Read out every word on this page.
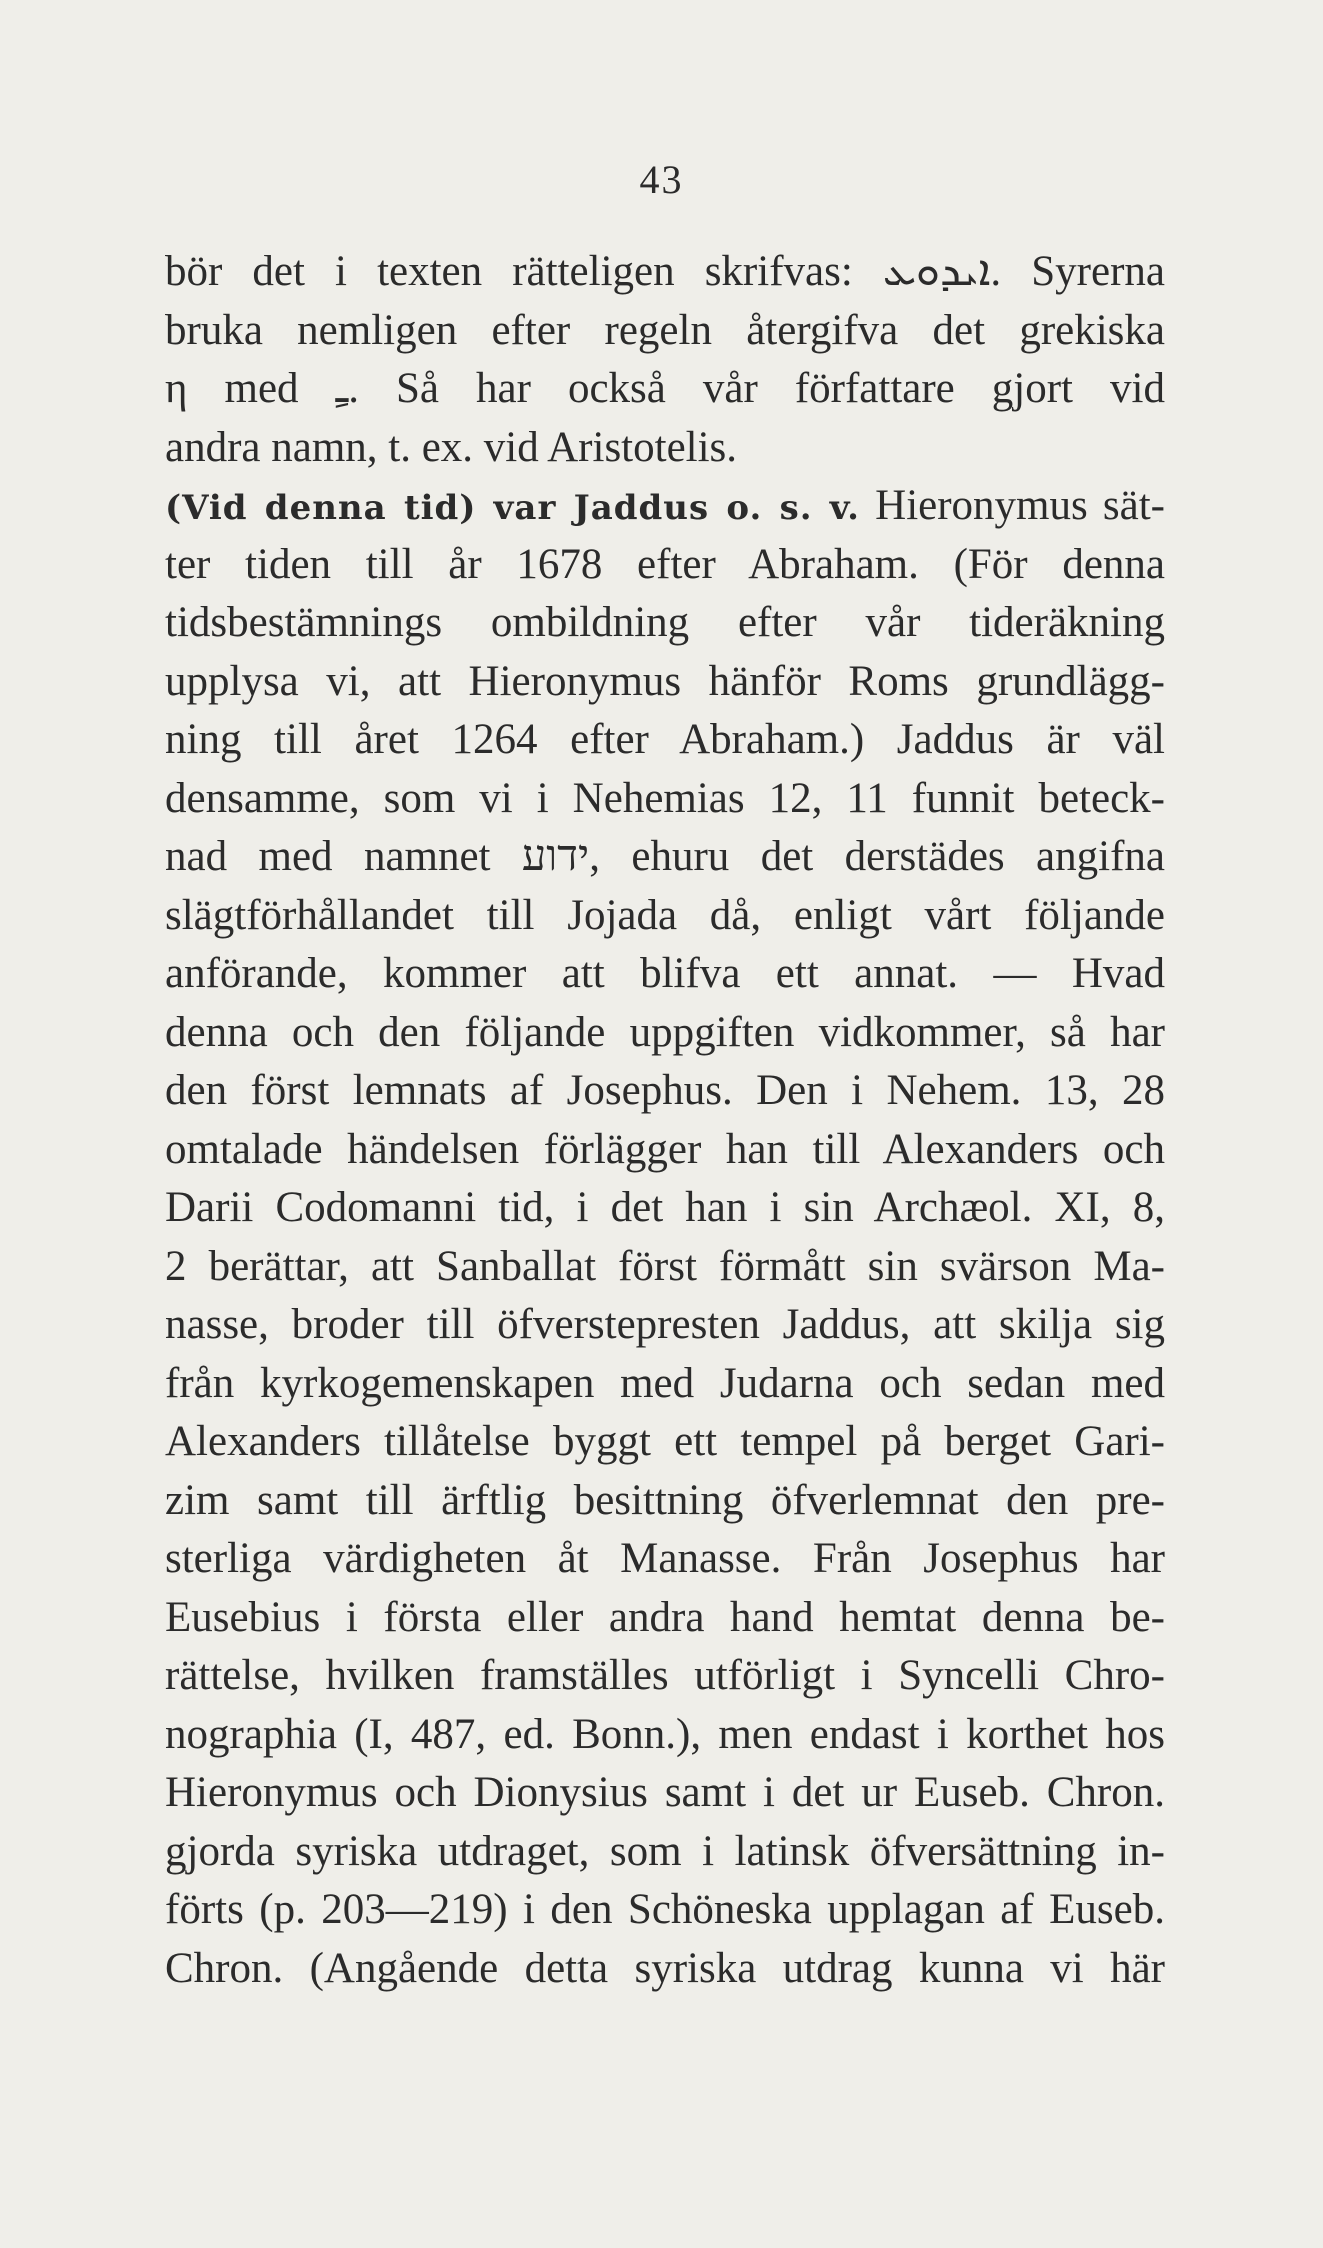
43
bör det i texten rätteligen skrifvas: ܐܝܕܘܥ. Syrerna
bruka nemligen efter regeln återgifva det grekiska
η med ـِ. Så har också vår författare gjort vid
andra namn, t. ex. vid Aristotelis.
(Vid denna tid) var Jaddus o. s. v. Hieronymus sät-
ter tiden till år 1678 efter Abraham. (För denna
tidsbestämnings ombildning efter vår tideräkning
upplysa vi, att Hieronymus hänför Roms grundlägg-
ning till året 1264 efter Abraham.) Jaddus är väl
densamme, som vi i Nehemias 12, 11 funnit beteck-
nad med namnet ידוע, ehuru det derstädes angifna
slägtförhållandet till Jojada då, enligt vårt följande
anförande, kommer att blifva ett annat. — Hvad
denna och den följande uppgiften vidkommer, så har
den först lemnats af Josephus. Den i Nehem. 13, 28
omtalade händelsen förlägger han till Alexanders och
Darii Codomanni tid, i det han i sin Archæol. XI, 8,
2 berättar, att Sanballat först förmått sin svärson Ma-
nasse, broder till öfverstepresten Jaddus, att skilja sig
från kyrkogemenskapen med Judarna och sedan med
Alexanders tillåtelse byggt ett tempel på berget Gari-
zim samt till ärftlig besittning öfverlemnat den pre-
sterliga värdigheten åt Manasse. Från Josephus har
Eusebius i första eller andra hand hemtat denna be-
rättelse, hvilken framställes utförligt i Syncelli Chro-
nographia (I, 487, ed. Bonn.), men endast i korthet hos
Hieronymus och Dionysius samt i det ur Euseb. Chron.
gjorda syriska utdraget, som i latinsk öfversättning in-
förts (p. 203—219) i den Schöneska upplagan af Euseb.
Chron. (Angående detta syriska utdrag kunna vi här
